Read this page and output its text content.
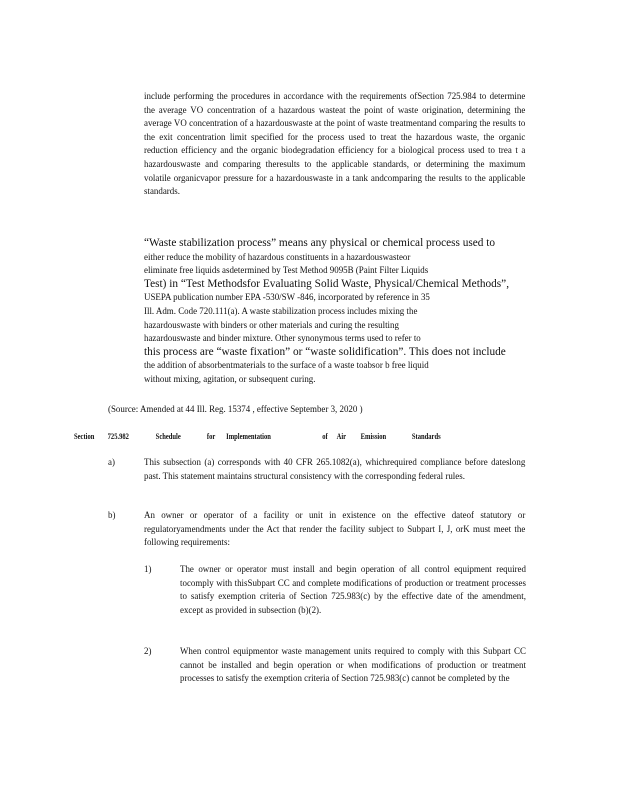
include performing the procedures in accordance with the requirements ofSection 725.984 to determine the average VO concentration of a hazardous wasteat the point of waste origination, determining the average VO concentration of a hazardouswaste at the point of waste treatmentand comparing the results to the exit concentration limit specified for the process used to treat the hazardous waste, the organic reduction efficiency and the organic biodegradation efficiency for a biological process used to trea t a hazardouswaste and comparing theresults to the applicable standards, or determining the maximum volatile organicvapor pressure for a hazardouswaste in a tank andcomparing the results to the applicable standards.
“Waste stabilization process” means any physical or chemical process used to
either reduce the mobility of hazardous constituents in a hazardouswasteor
eliminate free liquids asdetermined by Test Method 9095B (Paint Filter Liquids
Test) in “Test Methodsfor Evaluating Solid Waste, Physical/Chemical Methods”,
USEPA publication number EPA -530/SW -846, incorporated by reference in 35
Ill. Adm. Code 720.111(a). A waste stabilization process includes mixing the
hazardouswaste with binders or other materials and curing the resulting
hazardouswaste and binder mixture. Other synonymous terms used to refer to
this process are “waste fixation” or “waste solidification”. This does not include
the addition of absorbentmaterials to the surface of a waste toabsor b free liquid
without mixing, agitation, or subsequent curing.
(Source: Amended at 44 Ill. Reg. 15374 , effective September 3, 2020 )
Section 725.982	Schedule	for Implementation	of Air Emission	Standards
a)	This subsection (a) corresponds with 40 CFR 265.1082(a), whichrequired compliance before dateslong past. This statement maintains structural consistency with the corresponding federal rules.
b)	An owner or operator of a facility or unit in existence on the effective dateof statutory or regulatoryamendments under the Act that render the facility subject to Subpart I, J, orK must meet the following requirements:
1)	The owner or operator must install and begin operation of all control equipment required tocomply with thisSubpart CC and complete modifications of production or treatment processes to satisfy exemption criteria of Section 725.983(c) by the effective date of the amendment, except as provided in subsection (b)(2).
2)	When control equipmentor waste management units required to comply with this Subpart CC cannot be installed and begin operation or when modifications of production or treatment processes to satisfy the exemption criteria of Section 725.983(c) cannot be completed by the
